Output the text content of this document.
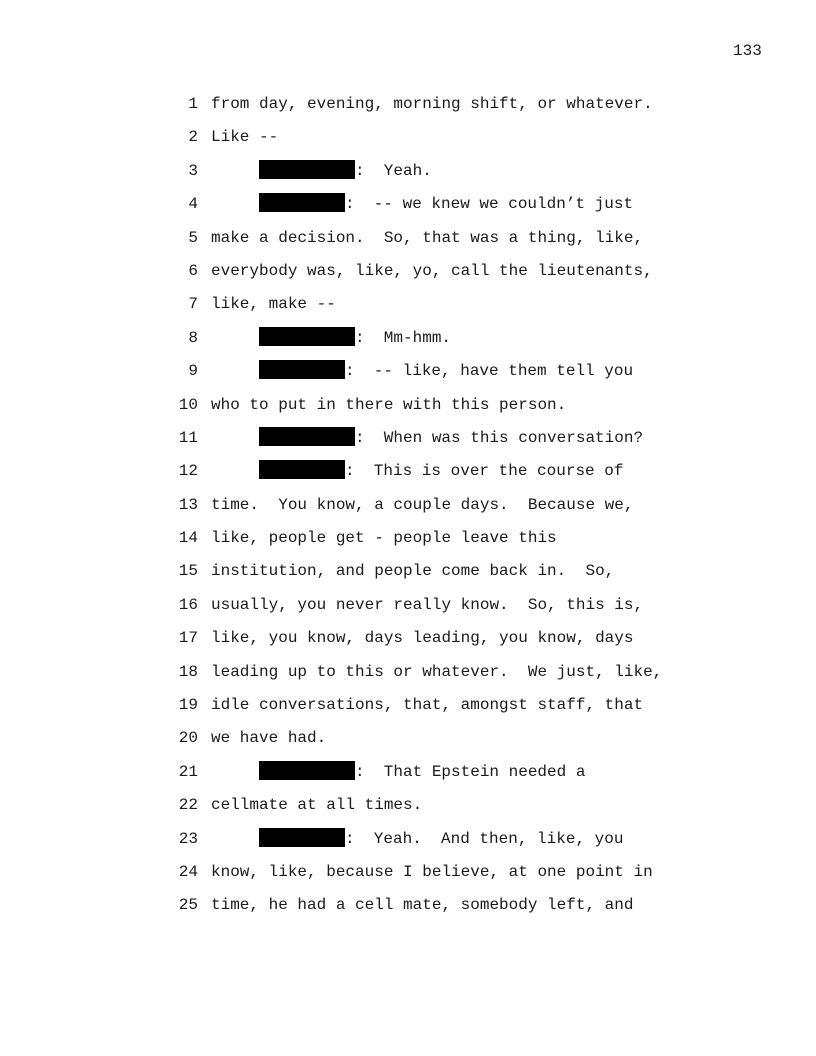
133
1 from day, evening, morning shift, or whatever.
2 Like --
3	:  Yeah.
4	:  -- we knew we couldn’t just
5 make a decision.  So, that was a thing, like,
6 everybody was, like, yo, call the lieutenants,
7 like, make --
8	:  Mm-hmm.
9	:  -- like, have them tell you
10 who to put in there with this person.
11	:  When was this conversation?
12	:  This is over the course of
13 time.  You know, a couple days.  Because we,
14 like, people get - people leave this
15 institution, and people come back in.  So,
16 usually, you never really know.  So, this is,
17 like, you know, days leading, you know, days
18 leading up to this or whatever.  We just, like,
19 idle conversations, that, amongst staff, that
20 we have had.
21	:  That Epstein needed a
22 cellmate at all times.
23	:  Yeah.  And then, like, you
24 know, like, because I believe, at one point in
25 time, he had a cell mate, somebody left, and
